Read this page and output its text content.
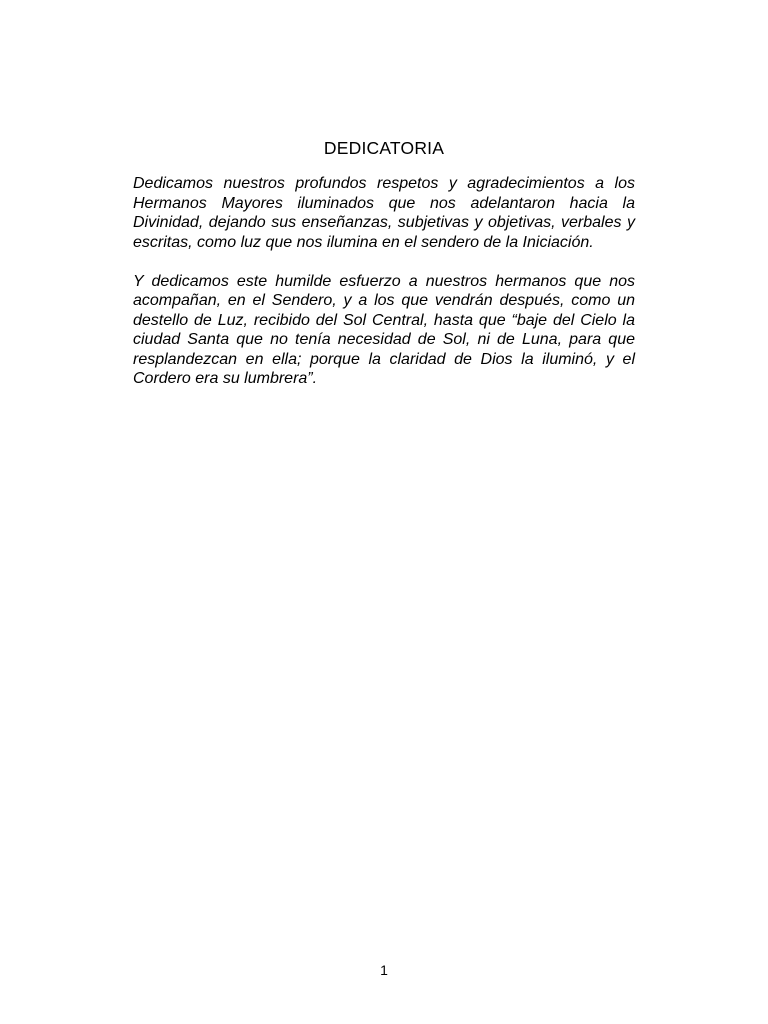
DEDICATORIA

Dedicamos nuestros profundos respetos y agradecimientos a los Hermanos Mayores iluminados que nos adelantaron hacia la Divinidad, dejando sus enseñanzas, subjetivas y objetivas, verbales y escritas, como luz que nos ilumina en el sendero de la Iniciación.

Y dedicamos este humilde esfuerzo a nuestros hermanos que nos acompañan, en el Sendero, y a los que vendrán después, como un destello de Luz, recibido del Sol Central, hasta que “baje del Cielo la ciudad Santa que no tenía necesidad de Sol, ni de Luna, para que resplandezcan en ella; porque la claridad de Dios la iluminó, y el Cordero era su lumbrera”.

1
